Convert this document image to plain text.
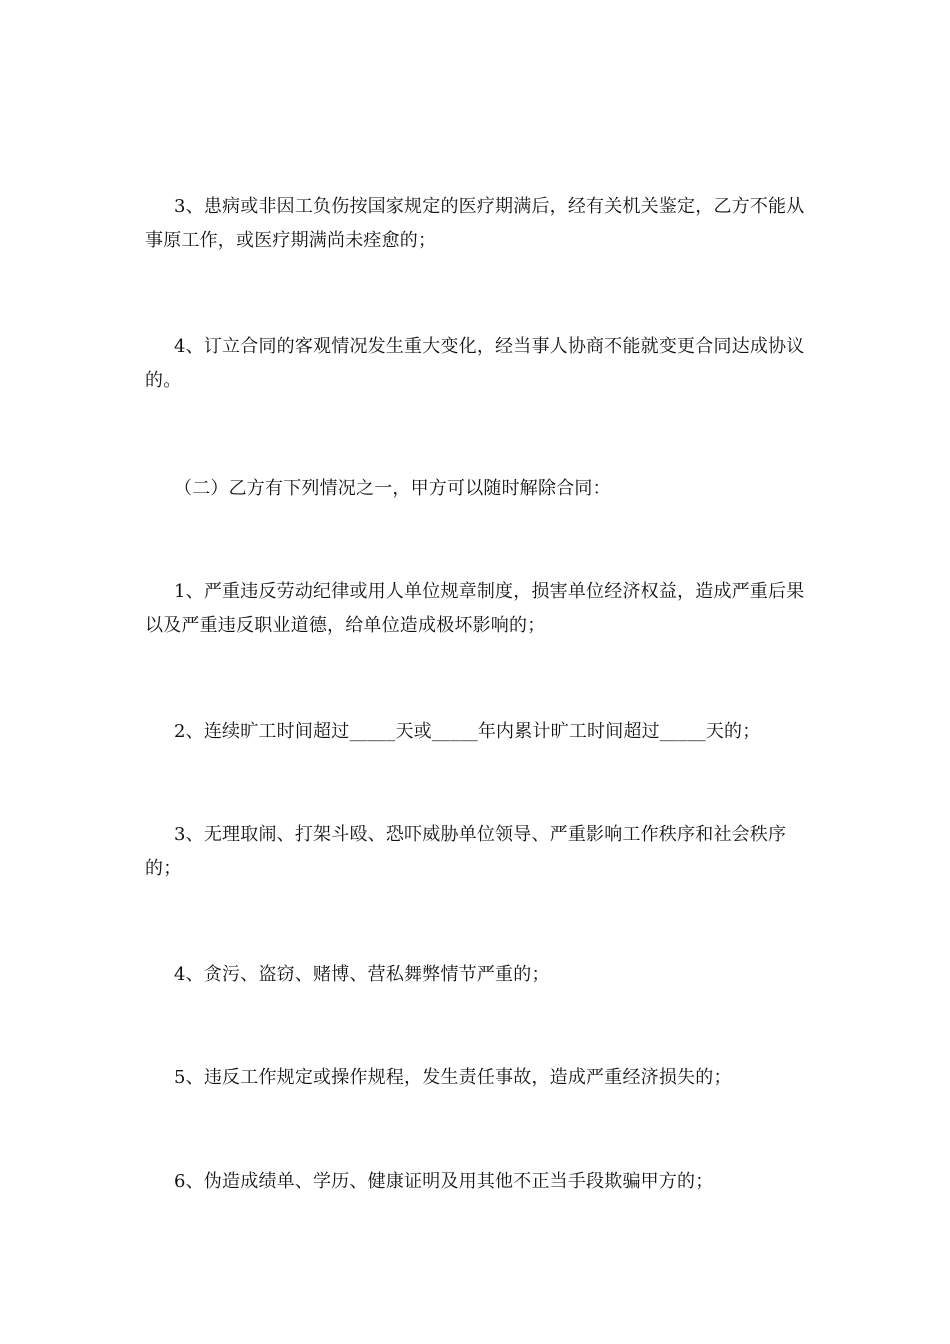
3、患病或非因工负伤按国家规定的医疗期满后，经有关机关鉴定，乙方不能从事原工作，或医疗期满尚未痊愈的；

4、订立合同的客观情况发生重大变化，经当事人协商不能就变更合同达成协议的。

（二）乙方有下列情况之一，甲方可以随时解除合同：

1、严重违反劳动纪律或用人单位规章制度，损害单位经济权益，造成严重后果以及严重违反职业道德，给单位造成极坏影响的；

2、连续旷工时间超过_____天或_____年内累计旷工时间超过_____天的；

3、无理取闹、打架斗殴、恐吓威胁单位领导、严重影响工作秩序和社会秩序的；

4、贪污、盗窃、赌博、营私舞弊情节严重的；

5、违反工作规定或操作规程，发生责任事故，造成严重经济损失的；

6、伪造成绩单、学历、健康证明及用其他不正当手段欺骗甲方的；
